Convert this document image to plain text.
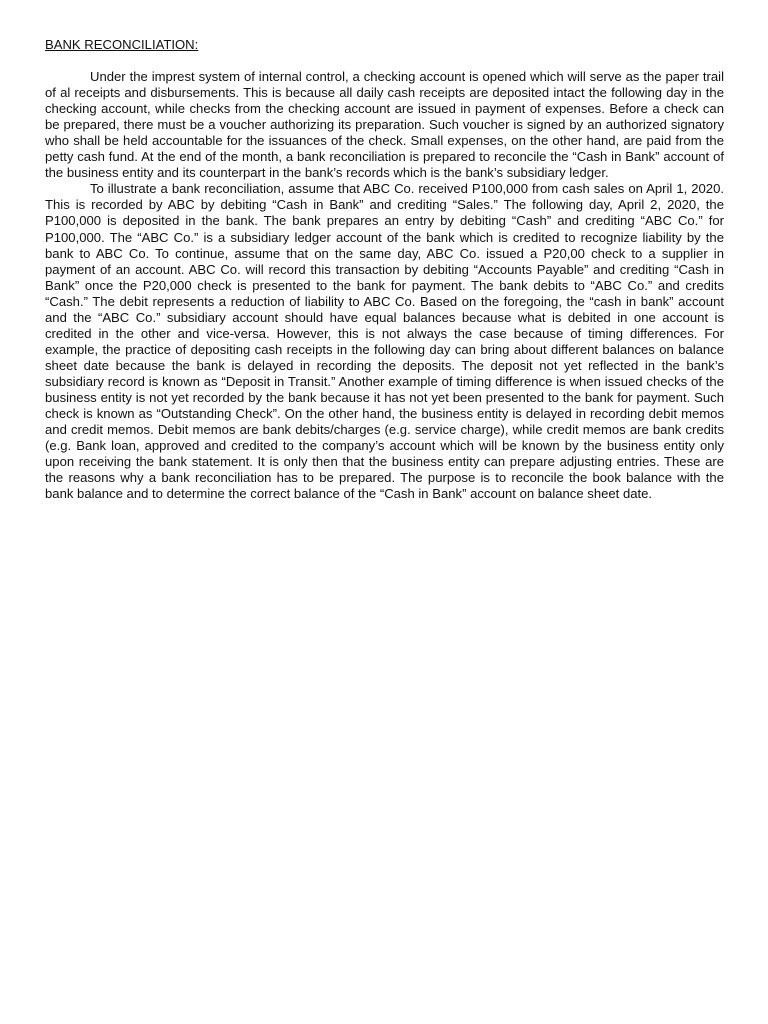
BANK RECONCILIATION:

Under the imprest system of internal control, a checking account is opened which will serve as the paper trail of al receipts and disbursements. This is because all daily cash receipts are deposited intact the following day in the checking account, while checks from the checking account are issued in payment of expenses. Before a check can be prepared, there must be a voucher authorizing its preparation. Such voucher is signed by an authorized signatory who shall be held accountable for the issuances of the check. Small expenses, on the other hand, are paid from the petty cash fund. At the end of the month, a bank reconciliation is prepared to reconcile the “Cash in Bank” account of the business entity and its counterpart in the bank’s records which is the bank’s subsidiary ledger.

To illustrate a bank reconciliation, assume that ABC Co. received P100,000 from cash sales on April 1, 2020. This is recorded by ABC by debiting “Cash in Bank” and crediting “Sales.” The following day, April 2, 2020, the P100,000 is deposited in the bank. The bank prepares an entry by debiting “Cash” and crediting “ABC Co.” for P100,000. The “ABC Co.” is a subsidiary ledger account of the bank which is credited to recognize liability by the bank to ABC Co. To continue, assume that on the same day, ABC Co. issued a P20,00 check to a supplier in payment of an account. ABC Co. will record this transaction by debiting “Accounts Payable” and crediting “Cash in Bank” once the P20,000 check is presented to the bank for payment. The bank debits to “ABC Co.” and credits “Cash.” The debit represents a reduction of liability to ABC Co. Based on the foregoing, the “cash in bank” account and the “ABC Co.” subsidiary account should have equal balances because what is debited in one account is credited in the other and vice-versa. However, this is not always the case because of timing differences. For example, the practice of depositing cash receipts in the following day can bring about different balances on balance sheet date because the bank is delayed in recording the deposits. The deposit not yet reflected in the bank’s subsidiary record is known as “Deposit in Transit.” Another example of timing difference is when issued checks of the business entity is not yet recorded by the bank because it has not yet been presented to the bank for payment. Such check is known as “Outstanding Check”. On the other hand, the business entity is delayed in recording debit memos and credit memos. Debit memos are bank debits/charges (e.g. service charge), while credit memos are bank credits (e.g. Bank loan, approved and credited to the company’s account which will be known by the business entity only upon receiving the bank statement. It is only then that the business entity can prepare adjusting entries. These are the reasons why a bank reconciliation has to be prepared. The purpose is to reconcile the book balance with the bank balance and to determine the correct balance of the “Cash in Bank” account on balance sheet date.
